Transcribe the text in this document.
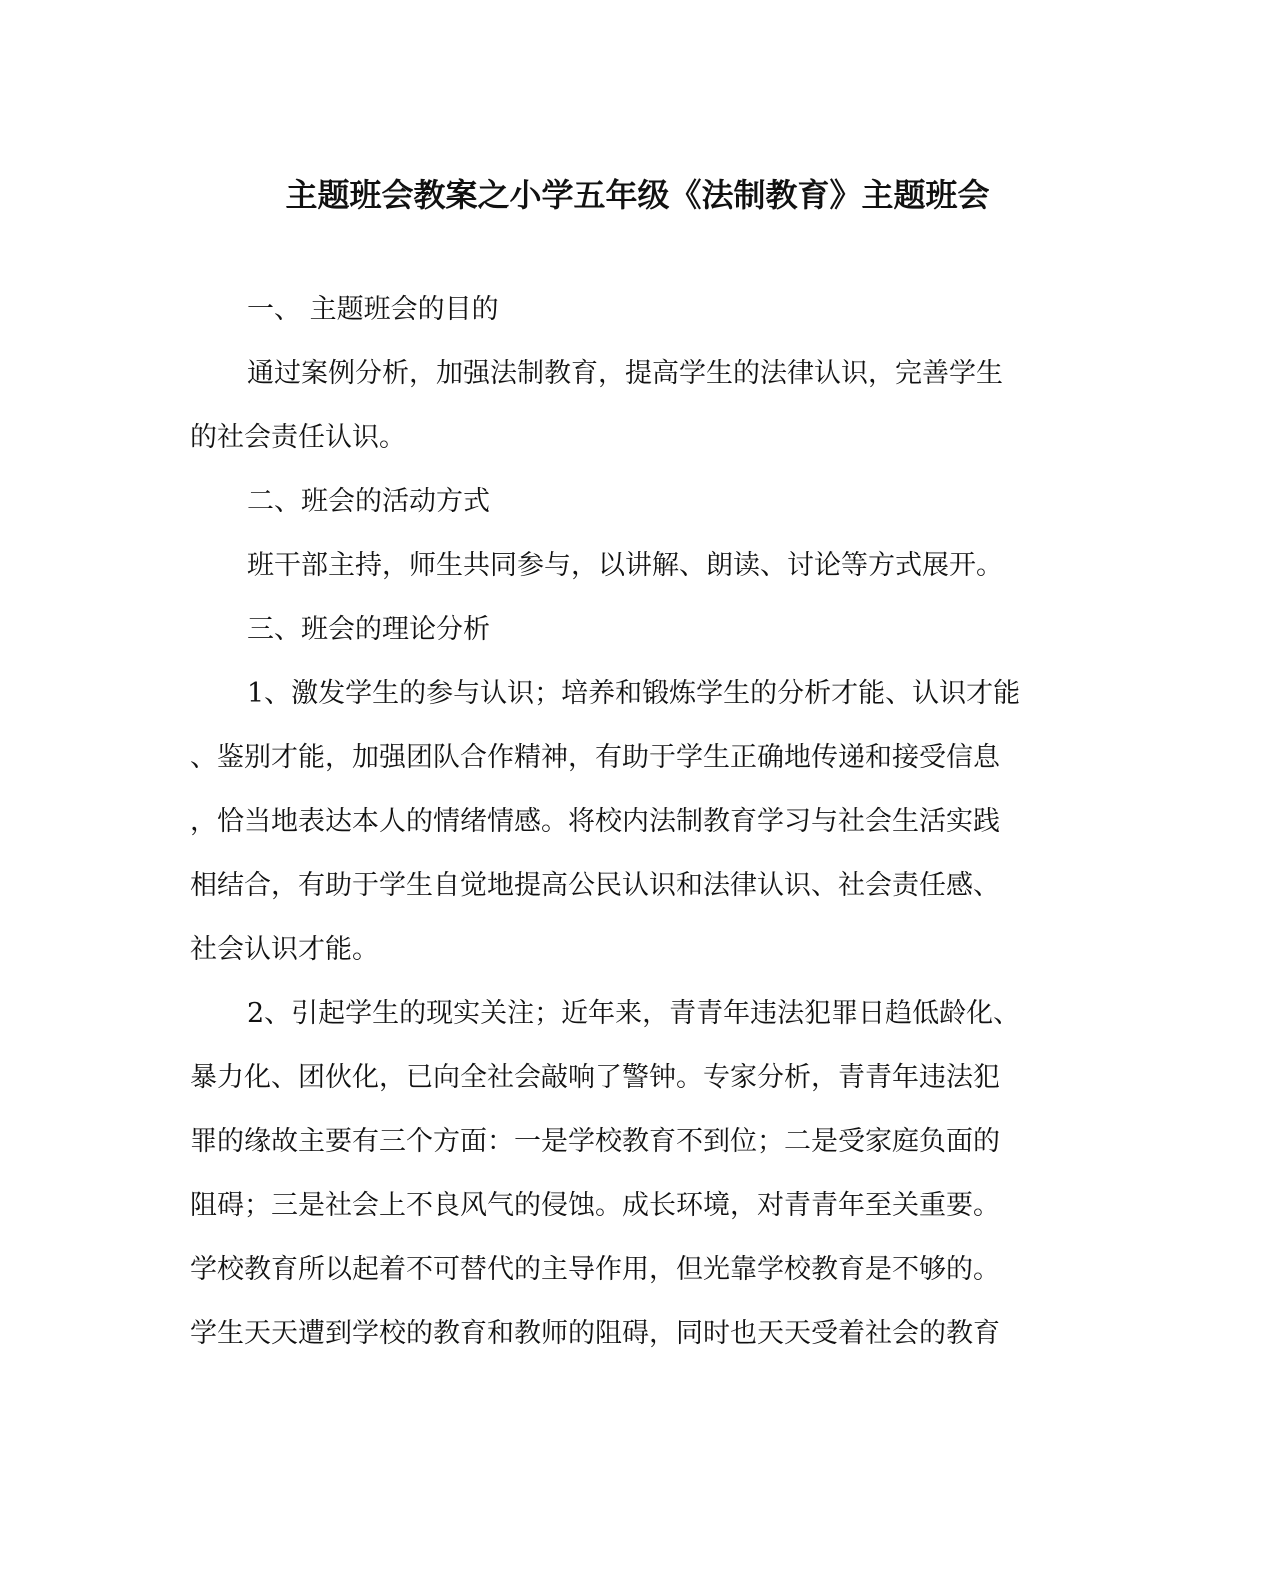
主题班会教案之小学五年级《法制教育》主题班会
一、 主题班会的目的
通过案例分析，加强法制教育，提高学生的法律认识，完善学生
的社会责任认识。
二、班会的活动方式
班干部主持，师生共同参与，以讲解、朗读、讨论等方式展开。
三、班会的理论分析
1、激发学生的参与认识；培养和锻炼学生的分析才能、认识才能
、鉴别才能，加强团队合作精神，有助于学生正确地传递和接受信息
，恰当地表达本人的情绪情感。将校内法制教育学习与社会生活实践
相结合，有助于学生自觉地提高公民认识和法律认识、社会责任感、
社会认识才能。
2、引起学生的现实关注；近年来，青青年违法犯罪日趋低龄化、
暴力化、团伙化，已向全社会敲响了警钟。专家分析，青青年违法犯
罪的缘故主要有三个方面：一是学校教育不到位；二是受家庭负面的
阻碍；三是社会上不良风气的侵蚀。成长环境，对青青年至关重要。
学校教育所以起着不可替代的主导作用，但光靠学校教育是不够的。
学生天天遭到学校的教育和教师的阻碍，同时也天天受着社会的教育
